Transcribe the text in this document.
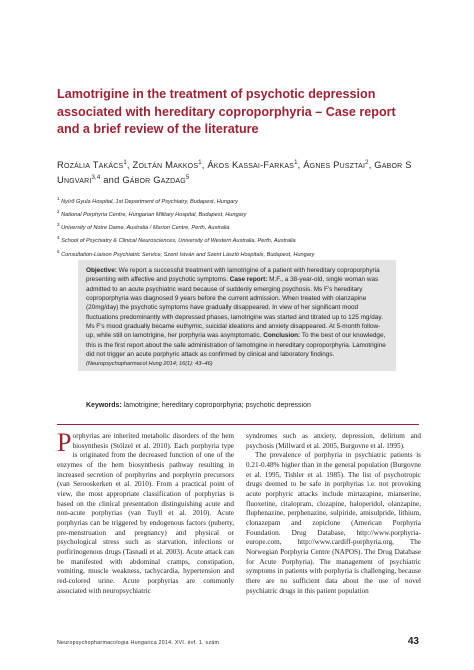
Lamotrigine in the treatment of psychotic depression associated with hereditary coproporphyria – Case report and a brief review of the literature
Rozália Takács$^1$, Zoltán Makkos$^1$, Ákos Kassai-Farkas$^1$, Ágnes Pusztai$^2$, Gabor S Ungvari$^{3,4}$ and Gábor Gazdag$^5$
$^1$ Nyírő Gyula Hospital, 1st Department of Psychiatry, Budapest, Hungary
$^2$ National Porphyria Centre, Hungarian Military Hospital, Budapest, Hungary
$^3$ University of Notre Dame, Australia / Marion Centre, Perth, Australia
$^4$ School of Psychiatry & Clinical Neurosciences, University of Western Australia, Perth, Australia
$^5$ Consultation-Liaison Psychiatric Service, Szent István and Szent László Hospitals, Budapest, Hungary
Objective: We report a successful treatment with lamotrigine of a patient with hereditary coproporphyria presenting with affective and psychotic symptoms. Case report: M.F., a 38-year-old, single woman was admitted to an acute psychiatric ward because of suddenly emerging psychosis. Ms F's hereditary coproporphyria was diagnosed 9 years before the current admission. When treated with olanzapine (20mg/day) the psychotic symptoms have gradually disappeared. In view of her significant mood fluctuations predominantly with depressed phases, lamotrigine was started and titrated up to 125 mg/day. Ms F's mood gradually became euthymic, suicidal ideations and anxiety disappeared. At 5-month follow-up, while still on lamotrigine, her porphyria was asymptomatic. Conclusion: To the best of our knowledge, this is the first report about the safe administration of lamotrigine in hereditary coproporphyria. Lamotrigine did not trigger an acute porphyric attack as confirmed by clinical and laboratory findings.
(Neuropsychopharmacol Hung 2014; 16(1): 43–46)
Keywords: lamotrigine; hereditary coproporphyria; psychotic depression

Porphyrias are inherited metabolic disorders of the hem biosynthesis (Stölzel et al. 2010). Each porphyria type is originated from the decreased function of one of the enzymes of the hem biosynthesis pathway resulting in increased secretion of porphyrins and porphyrin precursors (van Serooskerken et al. 2010). From a practical point of view, the most appropriate classification of porphyrias is based on the clinical presentation distinguishing acute and non-acute porphyrias (van Tuyll et al. 2010). Acute porphyrias can be triggered by endogenous factors (puberty, pre-menstruation and pregnancy) and physical or psychological stress such as starvation, infections or porfirinogenous drugs (Tasnadi et al. 2003). Acute attack can be manifested with abdominal cramps, constipation, vomiting, muscle weakness, tachycardia, hypertension and red-colored urine. Acute porphyrias are commonly associated with neuropsychiatric

syndromes such as anxiety, depression, delirium and psychosis (Millward et al. 2005, Burgovne et al. 1995).

The prevalence of porphyria in psychiatric patients is 0.21-0.48% higher than in the general population (Burgovne et al. 1995, Tishler et al. 1985). The list of psychotropic drugs deemed to be safe in porphyrias i.e. not provoking acute porphyric attacks include mirtazapine, mianserine, fluoxetine, citalopram, clozapine, haloperidol, olanzapine, fluphenazine, perphenazine, sulpiride, amisulpride, lithium, clonazepam and zopiclone (American Porphyria Foundation. Drug Database, http://www.porphyria-europe.com, http://www.cardiff-porphyria.org, The Norwegian Porphyria Centre (NAPOS). The Drug Database for Acute Porphyria). The management of psychiatric symptoms in patients with porphyria is challenging, because there are no sufficient data about the use of novel psychiatric drugs in this patient population

Neuropsychopharmacologia Hungarica 2014. XVI. évf. 1. szám	43
